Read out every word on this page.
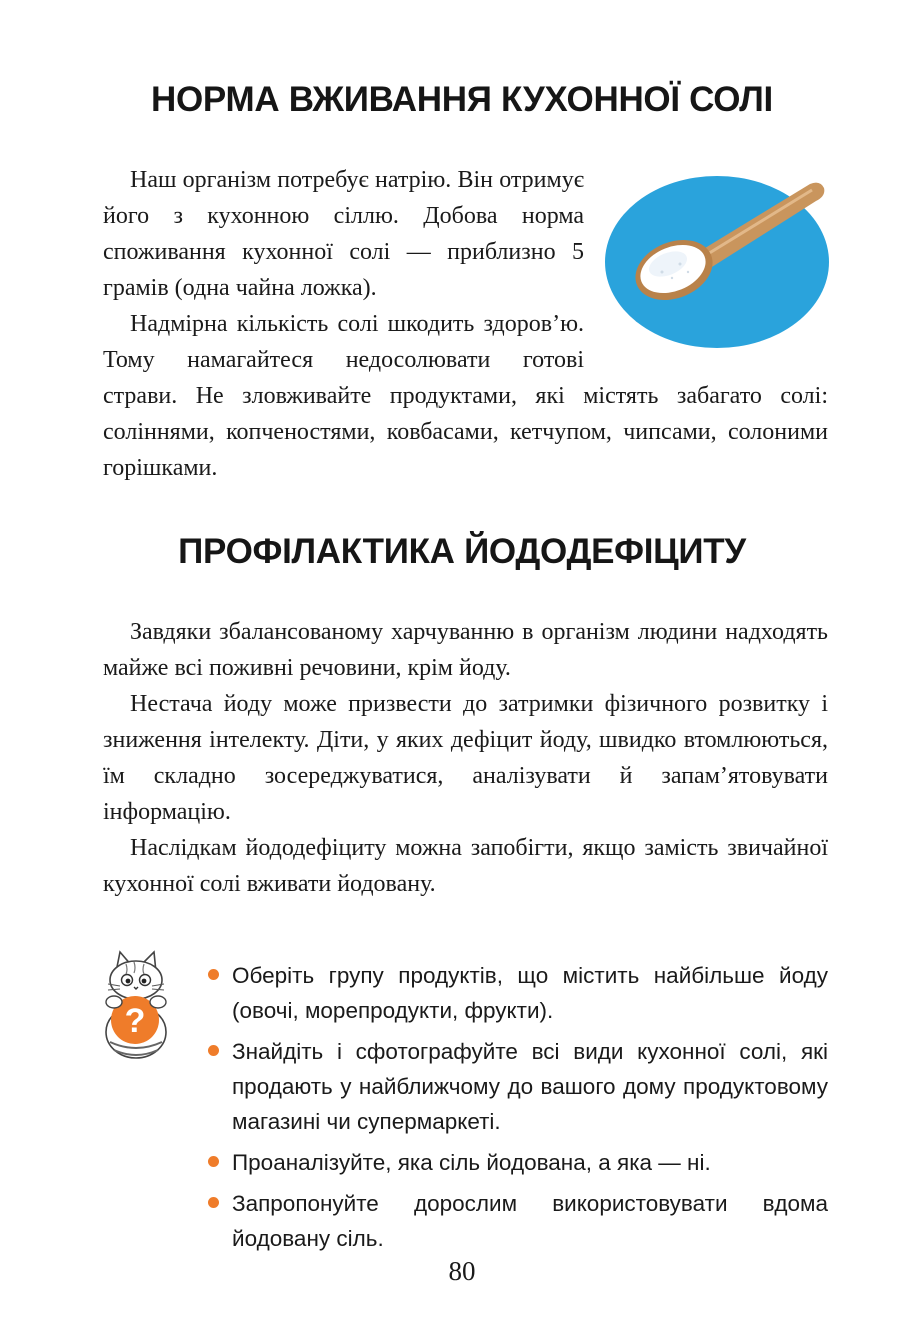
НОРМА ВЖИВАННЯ КУХОННОЇ СОЛІ

Наш організм потребує натрію. Він отримує його з кухонною сіллю. Добова норма споживання кухонної солі — приблизно 5 грамів (одна чайна ложка).

Надмірна кількість солі шкодить здоров’ю. Тому намагайтеся недосолювати готові страви. Не зловживайте продуктами, які містять забагато солі: соліннями, копченостями, ковбасами, кетчупом, чипсами, солоними горішками.

ПРОФІЛАКТИКА ЙОДОДЕФІЦИТУ

Завдяки збалансованому харчуванню в організм людини надходять майже всі поживні речовини, крім йоду.

Нестача йоду може призвести до затримки фізичного розвитку і зниження інтелекту. Діти, у яких дефіцит йоду, швидко втомлюються, їм складно зосереджуватися, аналізувати й запам’ятовувати інформацію.

Наслідкам йододефіциту можна запобігти, якщо замість звичайної кухонної солі вживати йодовану.

?
Оберіть групу продуктів, що містить найбільше йоду (овочі, морепродукти, фрукти).
Знайдіть і сфотографуйте всі види кухонної солі, які продають у найближчому до вашого дому продуктовому магазині чи супермаркеті.
Проаналізуйте, яка сіль йодована, а яка — ні.
Запропонуйте дорослим використовувати вдома йодовану сіль.
80
